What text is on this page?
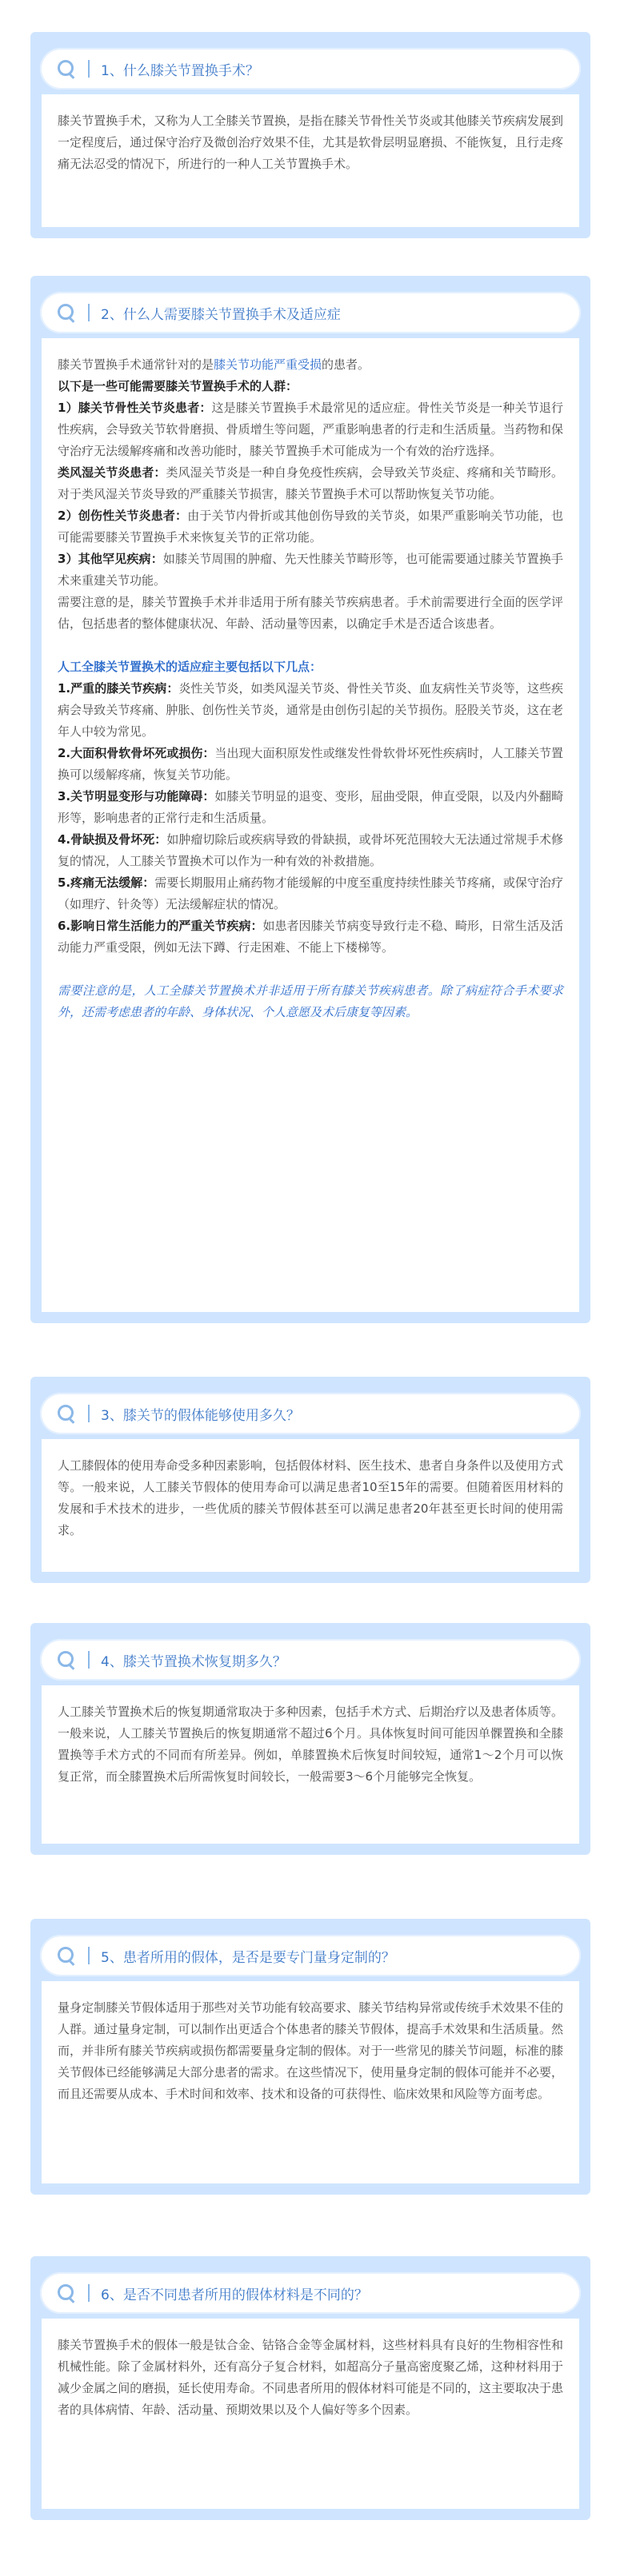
1、什么膝关节置换手术？

膝关节置换手术，又称为人工全膝关节置换，是指在膝关节骨性关节炎或其他膝关节疾病发展到一定程度后，通过保守治疗及微创治疗效果不佳，尤其是软骨层明显磨损、不能恢复，且行走疼痛无法忍受的情况下，所进行的一种人工关节置换手术。

2、什么人需要膝关节置换手术及适应症

膝关节置换手术通常针对的是膝关节功能严重受损的患者。

以下是一些可能需要膝关节置换手术的人群：

1）膝关节骨性关节炎患者：这是膝关节置换手术最常见的适应症。骨性关节炎是一种关节退行性疾病，会导致关节软骨磨损、骨质增生等问题，严重影响患者的行走和生活质量。当药物和保守治疗无法缓解疼痛和改善功能时，膝关节置换手术可能成为一个有效的治疗选择。

类风湿关节炎患者：类风湿关节炎是一种自身免疫性疾病，会导致关节炎症、疼痛和关节畸形。对于类风湿关节炎导致的严重膝关节损害，膝关节置换手术可以帮助恢复关节功能。

2）创伤性关节炎患者：由于关节内骨折或其他创伤导致的关节炎，如果严重影响关节功能，也可能需要膝关节置换手术来恢复关节的正常功能。

3）其他罕见疾病：如膝关节周围的肿瘤、先天性膝关节畸形等，也可能需要通过膝关节置换手术来重建关节功能。

需要注意的是，膝关节置换手术并非适用于所有膝关节疾病患者。手术前需要进行全面的医学评估，包括患者的整体健康状况、年龄、活动量等因素，以确定手术是否适合该患者。

人工全膝关节置换术的适应症主要包括以下几点：

1.严重的膝关节疾病：炎性关节炎，如类风湿关节炎、骨性关节炎、血友病性关节炎等，这些疾病会导致关节疼痛、肿胀、创伤性关节炎，通常是由创伤引起的关节损伤。胫股关节炎，这在老年人中较为常见。

2.大面积骨软骨坏死或损伤：当出现大面积原发性或继发性骨软骨坏死性疾病时，人工膝关节置换可以缓解疼痛，恢复关节功能。

3.关节明显变形与功能障碍：如膝关节明显的退变、变形，屈曲受限，伸直受限，以及内外翻畸形等，影响患者的正常行走和生活质量。

4.骨缺损及骨坏死：如肿瘤切除后或疾病导致的骨缺损，或骨坏死范围较大无法通过常规手术修复的情况，人工膝关节置换术可以作为一种有效的补救措施。

5.疼痛无法缓解：需要长期服用止痛药物才能缓解的中度至重度持续性膝关节疼痛，或保守治疗（如理疗、针灸等）无法缓解症状的情况。

6.影响日常生活能力的严重关节疾病：如患者因膝关节病变导致行走不稳、畸形，日常生活及活动能力严重受限，例如无法下蹲、行走困难、不能上下楼梯等。

需要注意的是，人工全膝关节置换术并非适用于所有膝关节疾病患者。除了病症符合手术要求外，还需考虑患者的年龄、身体状况、个人意愿及术后康复等因素。

3、膝关节的假体能够使用多久？

人工膝假体的使用寿命受多种因素影响，包括假体材料、医生技术、患者自身条件以及使用方式等。一般来说，人工膝关节假体的使用寿命可以满足患者10至15年的需要。但随着医用材料的发展和手术技术的进步，一些优质的膝关节假体甚至可以满足患者20年甚至更长时间的使用需求。

4、膝关节置换术恢复期多久？

人工膝关节置换术后的恢复期通常取决于多种因素，包括手术方式、后期治疗以及患者体质等。一般来说，人工膝关节置换后的恢复期通常不超过6个月。具体恢复时间可能因单髁置换和全膝置换等手术方式的不同而有所差异。例如，单膝置换术后恢复时间较短，通常1～2个月可以恢复正常，而全膝置换术后所需恢复时间较长，一般需要3～6个月能够完全恢复。

5、患者所用的假体，是否是要专门量身定制的？

量身定制膝关节假体适用于那些对关节功能有较高要求、膝关节结构异常或传统手术效果不佳的人群。通过量身定制，可以制作出更适合个体患者的膝关节假体，提高手术效果和生活质量。然而，并非所有膝关节疾病或损伤都需要量身定制的假体。对于一些常见的膝关节问题，标准的膝关节假体已经能够满足大部分患者的需求。在这些情况下，使用量身定制的假体可能并不必要，而且还需要从成本、手术时间和效率、技术和设备的可获得性、临床效果和风险等方面考虑。

6、是否不同患者所用的假体材料是不同的？

膝关节置换手术的假体一般是钛合金、钴铬合金等金属材料，这些材料具有良好的生物相容性和机械性能。除了金属材料外，还有高分子复合材料，如超高分子量高密度聚乙烯，这种材料用于减少金属之间的磨损，延长使用寿命。不同患者所用的假体材料可能是不同的，这主要取决于患者的具体病情、年龄、活动量、预期效果以及个人偏好等多个因素。
